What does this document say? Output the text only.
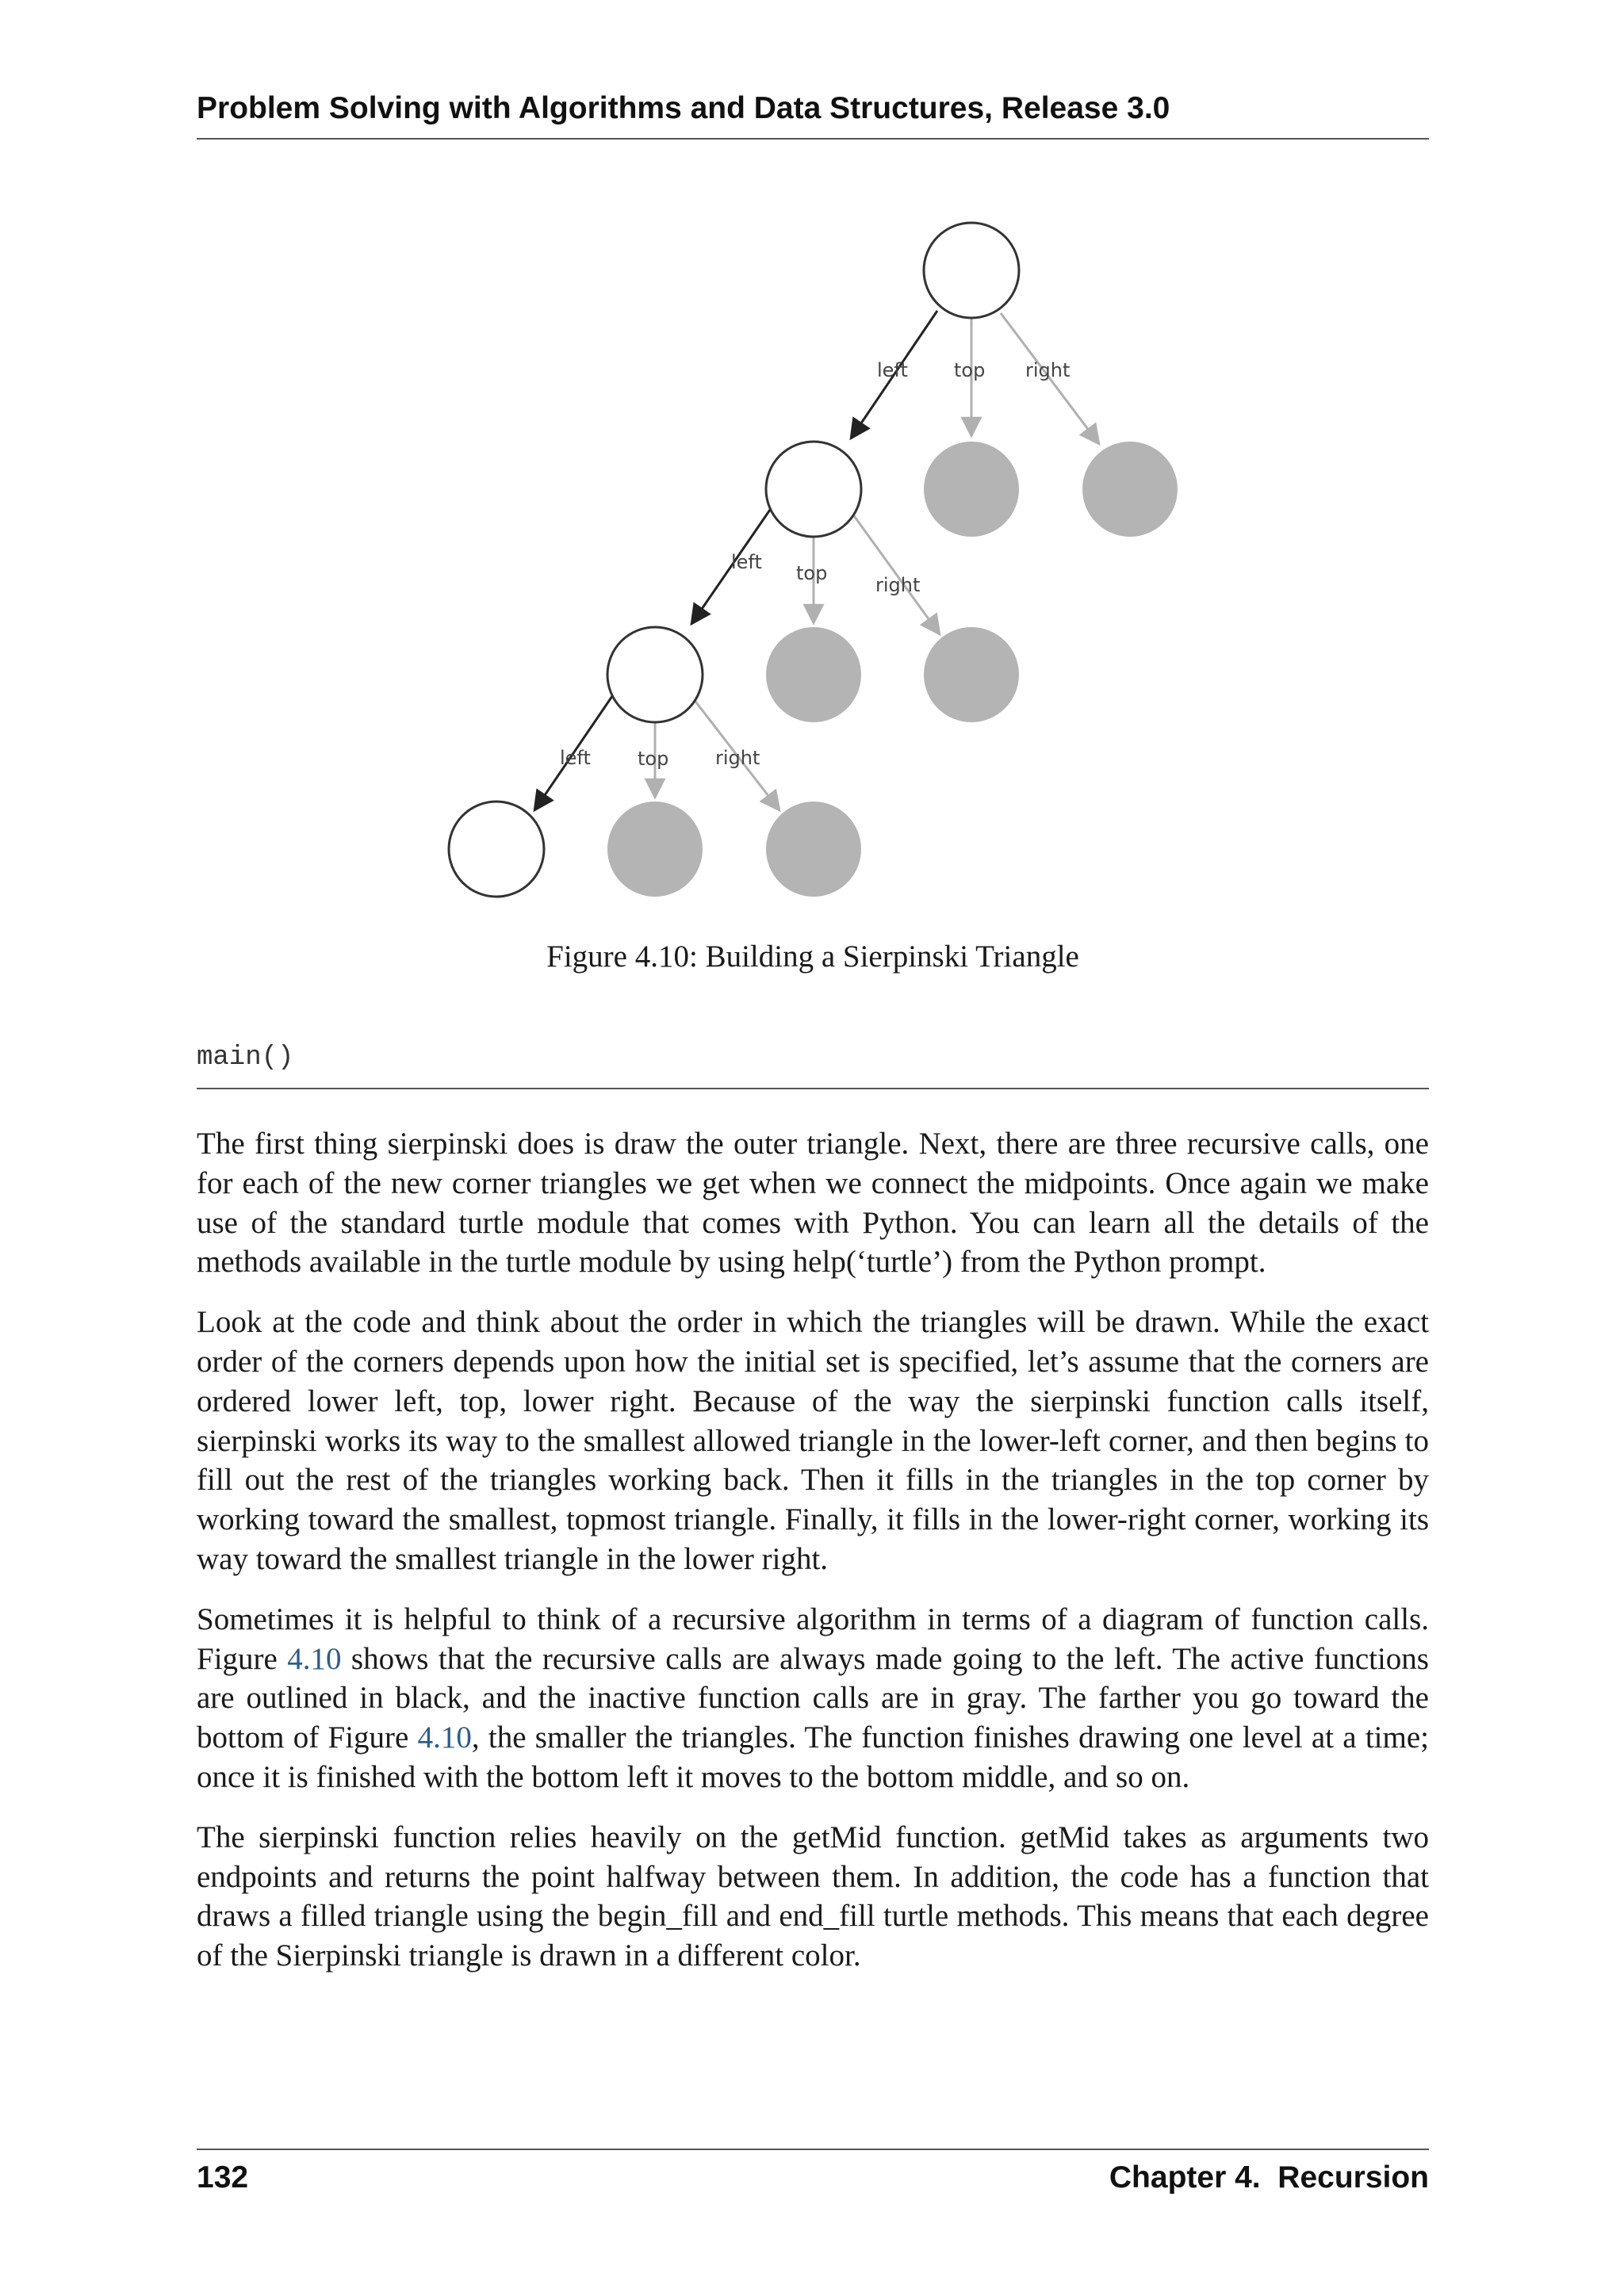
Problem Solving with Algorithms and Data Structures, Release 3.0
left top right
left top
right
left top right
Figure 4.10: Building a Sierpinski Triangle
main()

The first thing sierpinski does is draw the outer triangle. Next, there are three recursive calls, one for each of the new corner triangles we get when we connect the midpoints. Once again we make use of the standard turtle module that comes with Python. You can learn all the details of the methods available in the turtle module by using help(‘turtle’) from the Python prompt.

Look at the code and think about the order in which the triangles will be drawn. While the exact order of the corners depends upon how the initial set is specified, let’s assume that the corners are ordered lower left, top, lower right. Because of the way the sierpinski function calls itself, sierpinski works its way to the smallest allowed triangle in the lower-left corner, and then begins to fill out the rest of the triangles working back. Then it fills in the triangles in the top corner by working toward the smallest, topmost triangle. Finally, it fills in the lower-right corner, working its way toward the smallest triangle in the lower right.

Sometimes it is helpful to think of a recursive algorithm in terms of a diagram of function calls. Figure 4.10 shows that the recursive calls are always made going to the left. The active functions are outlined in black, and the inactive function calls are in gray. The farther you go toward the bottom of Figure 4.10, the smaller the triangles. The function finishes drawing one level at a time; once it is finished with the bottom left it moves to the bottom middle, and so on.

The sierpinski function relies heavily on the getMid function. getMid takes as arguments two endpoints and returns the point halfway between them. In addition, the code has a function that draws a filled triangle using the begin_fill and end_fill turtle methods. This means that each degree of the Sierpinski triangle is drawn in a different color.

132	Chapter 4.  Recursion
